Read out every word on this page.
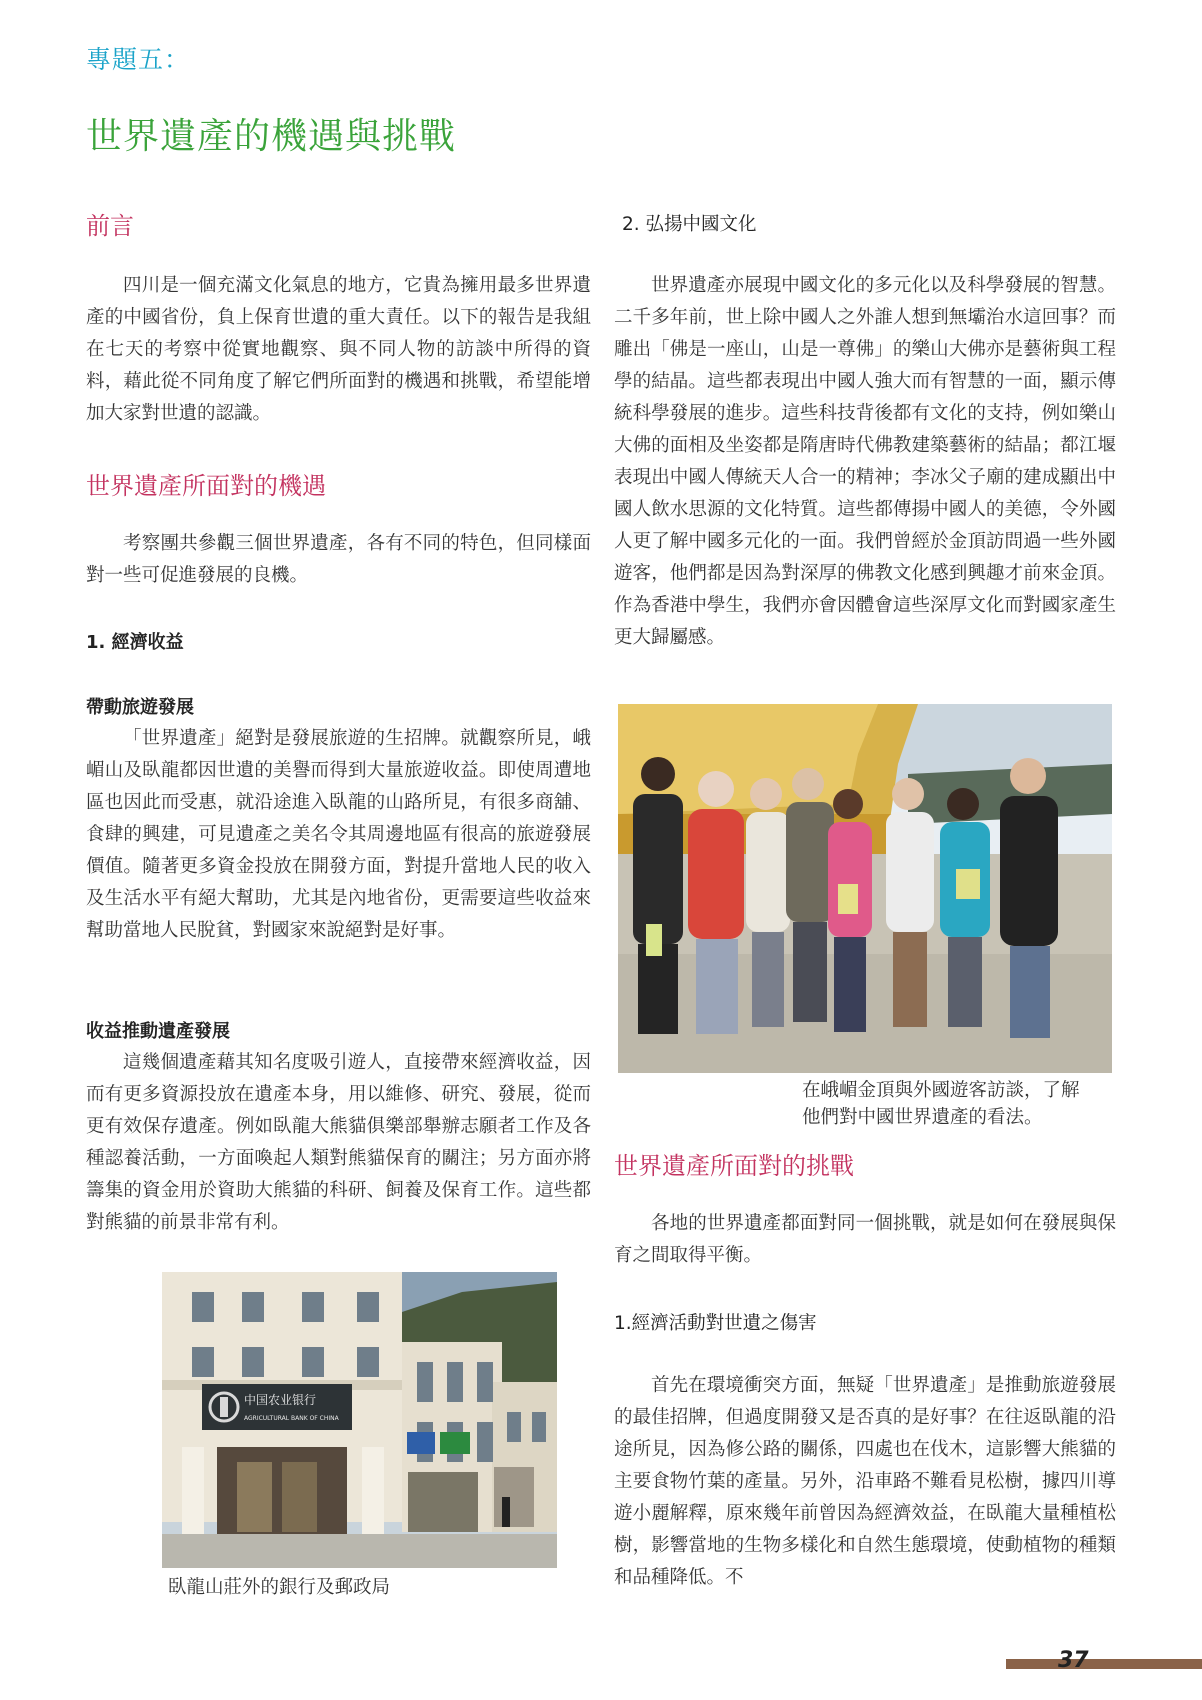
專題五：
世界遺產的機遇與挑戰
前言
四川是一個充滿文化氣息的地方，它貴為擁用最多世界遺產的中國省份，負上保育世遺的重大責任。以下的報告是我組在七天的考察中從實地觀察、與不同人物的訪談中所得的資料，藉此從不同角度了解它們所面對的機遇和挑戰，希望能增加大家對世遺的認識。
世界遺產所面對的機遇
考察團共參觀三個世界遺產，各有不同的特色，但同樣面對一些可促進發展的良機。
1. 經濟收益
帶動旅遊發展
「世界遺產」絕對是發展旅遊的生招牌。就觀察所見，峨嵋山及臥龍都因世遺的美譽而得到大量旅遊收益。即使周遭地區也因此而受惠，就沿途進入臥龍的山路所見，有很多商舖、食肆的興建，可見遺產之美名令其周邊地區有很高的旅遊發展價值。隨著更多資金投放在開發方面，對提升當地人民的收入及生活水平有絕大幫助，尤其是內地省份，更需要這些收益來幫助當地人民脫貧，對國家來說絕對是好事。
收益推動遺產發展
這幾個遺產藉其知名度吸引遊人，直接帶來經濟收益，因而有更多資源投放在遺產本身，用以維修、研究、發展，從而更有效保存遺產。例如臥龍大熊貓俱樂部舉辦志願者工作及各種認養活動，一方面喚起人類對熊貓保育的關注；另方面亦將籌集的資金用於資助大熊貓的科研、飼養及保育工作。這些都對熊貓的前景非常有利。
中国农业银行
AGRICULTURAL BANK OF CHINA
臥龍山莊外的銀行及郵政局
2. 弘揚中國文化
世界遺產亦展現中國文化的多元化以及科學發展的智慧。二千多年前，世上除中國人之外誰人想到無壩治水這回事？而雕出「佛是一座山，山是一尊佛」的樂山大佛亦是藝術與工程學的結晶。這些都表現出中國人強大而有智慧的一面，顯示傳統科學發展的進步。這些科技背後都有文化的支持，例如樂山大佛的面相及坐姿都是隋唐時代佛教建築藝術的結晶；都江堰表現出中國人傳統天人合一的精神；李冰父子廟的建成顯出中國人飲水思源的文化特質。這些都傳揚中國人的美德，令外國人更了解中國多元化的一面。我們曾經於金頂訪問過一些外國遊客，他們都是因為對深厚的佛教文化感到興趣才前來金頂。作為香港中學生，我們亦會因體會這些深厚文化而對國家產生更大歸屬感。
在峨嵋金頂與外國遊客訪談，了解
他們對中國世界遺產的看法。
世界遺產所面對的挑戰
各地的世界遺產都面對同一個挑戰，就是如何在發展與保育之間取得平衡。
1.經濟活動對世遺之傷害
首先在環境衝突方面，無疑「世界遺產」是推動旅遊發展的最佳招牌，但過度開發又是否真的是好事？在往返臥龍的沿途所見，因為修公路的關係，四處也在伐木，這影響大熊貓的主要食物竹葉的產量。另外，沿車路不難看見松樹，據四川導遊小麗解釋，原來幾年前曾因為經濟效益，在臥龍大量種植松樹，影響當地的生物多樣化和自然生態環境，使動植物的種類和品種降低。不
37
